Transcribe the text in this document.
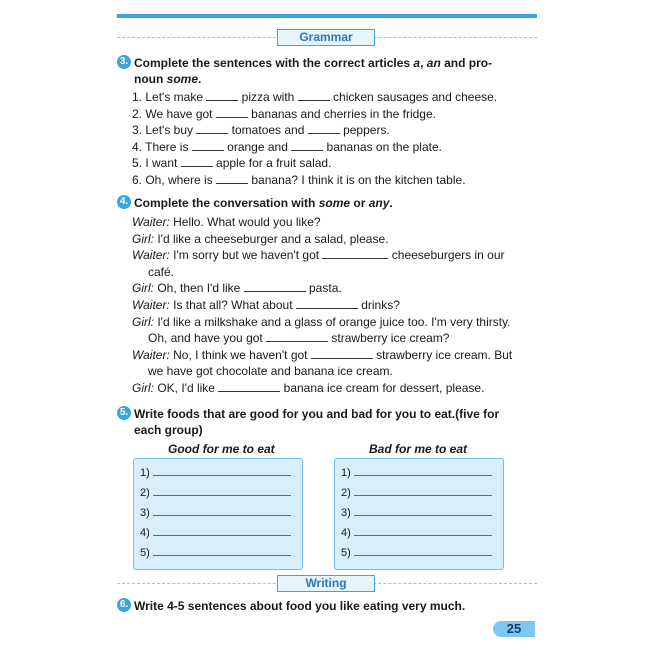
Grammar
3. Complete the sentences with the correct articles a, an and pro-
noun some.
1. Let's make	pizza with	chicken sausages and cheese.
2. We have got	bananas and cherries in the fridge.
3. Let's buy	tomatoes and	peppers.
4. There is	orange and	bananas on the plate.
5. I want	apple for a fruit salad.
6. Oh, where is	banana? I think it is on the kitchen table.
4. Complete the conversation with some or any.
Waiter: Hello. What would you like?
Girl: I'd like a cheeseburger and a salad, please.
Waiter: I'm sorry but we haven't got	cheeseburgers in our
café.
Girl: Oh, then I'd like	pasta.
Waiter: Is that all? What about	drinks?
Girl: I'd like a milkshake and a glass of orange juice too. I'm very thirsty.
Oh, and have you got	strawberry ice cream?
Waiter: No, I think we haven't got	strawberry ice cream. But
we have got chocolate and banana ice cream.
Girl: OK, I'd like	banana ice cream for dessert, please.
5. Write foods that are good for you and bad for you to eat.(five for
each group)
Good for me to eat	Bad for me to eat
1)
2)
3)
4)
5)
1)
2)
3)
4)
5)
Writing
6. Write 4-5 sentences about food you like eating very much.
25
